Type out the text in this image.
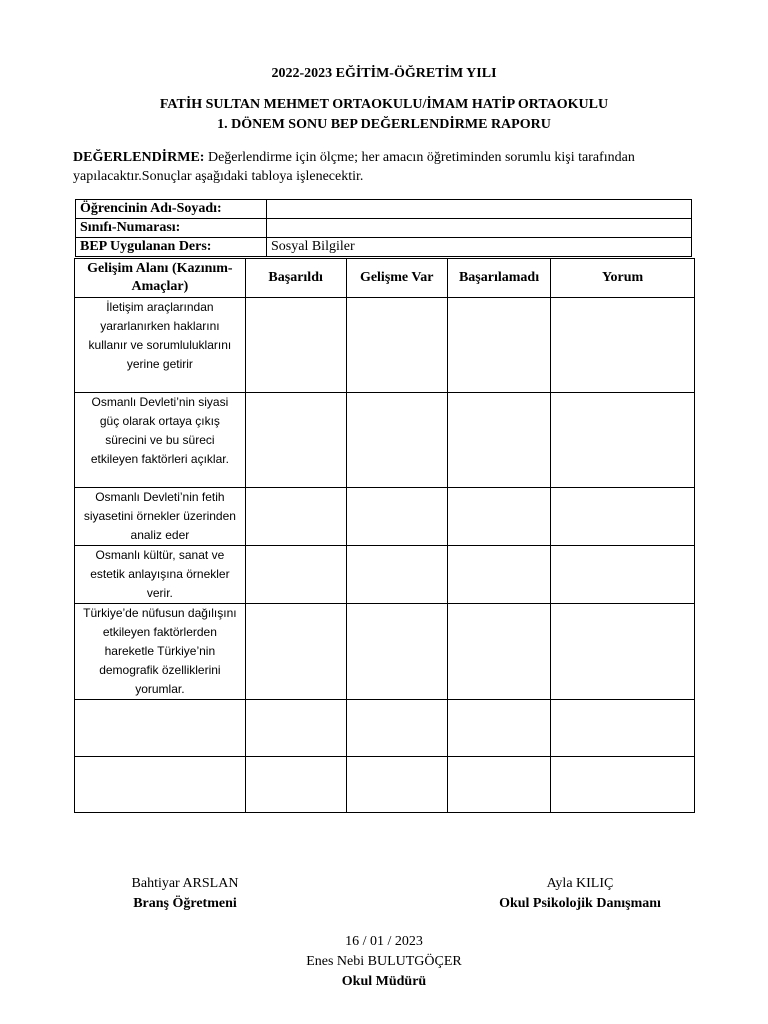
2022-2023 EĞİTİM-ÖĞRETİM YILI
FATİH SULTAN MEHMET ORTAOKULU/İMAM HATİP ORTAOKULU
1. DÖNEM SONU BEP DEĞERLENDİRME RAPORU
DEĞERLENDİRME: Değerlendirme için ölçme; her amacın öğretiminden sorumlu kişi tarafından yapılacaktır.Sonuçlar aşağıdaki tabloya işlenecektir.
Öğrencinin Adı-Soyadı:	
Sınıfı-Numarası:	
BEP Uygulanan Ders:	Sosyal Bilgiler
Gelişim Alanı (Kazınım-Amaçlar)	Başarıldı	Gelişme Var	Başarılamadı	Yorum
İletişim araçlarından yararlanırken haklarını kullanır ve sorumluluklarını yerine getirir				
Osmanlı Devleti’nin siyasi güç olarak ortaya çıkış sürecini ve bu süreci etkileyen faktörleri açıklar.				
Osmanlı Devleti’nin fetih siyasetini örnekler üzerinden analiz eder				
Osmanlı kültür, sanat ve estetik anlayışına örnekler verir.				
Türkiye’de nüfusun dağılışını etkileyen faktörlerden hareketle Türkiye’nin demografik özelliklerini yorumlar.				

Bahtiyar ARSLAN
Branş Öğretmeni
Ayla KILIÇ
Okul Psikolojik Danışmanı
16 / 01 / 2023
Enes Nebi BULUTGÖÇER
Okul Müdürü
